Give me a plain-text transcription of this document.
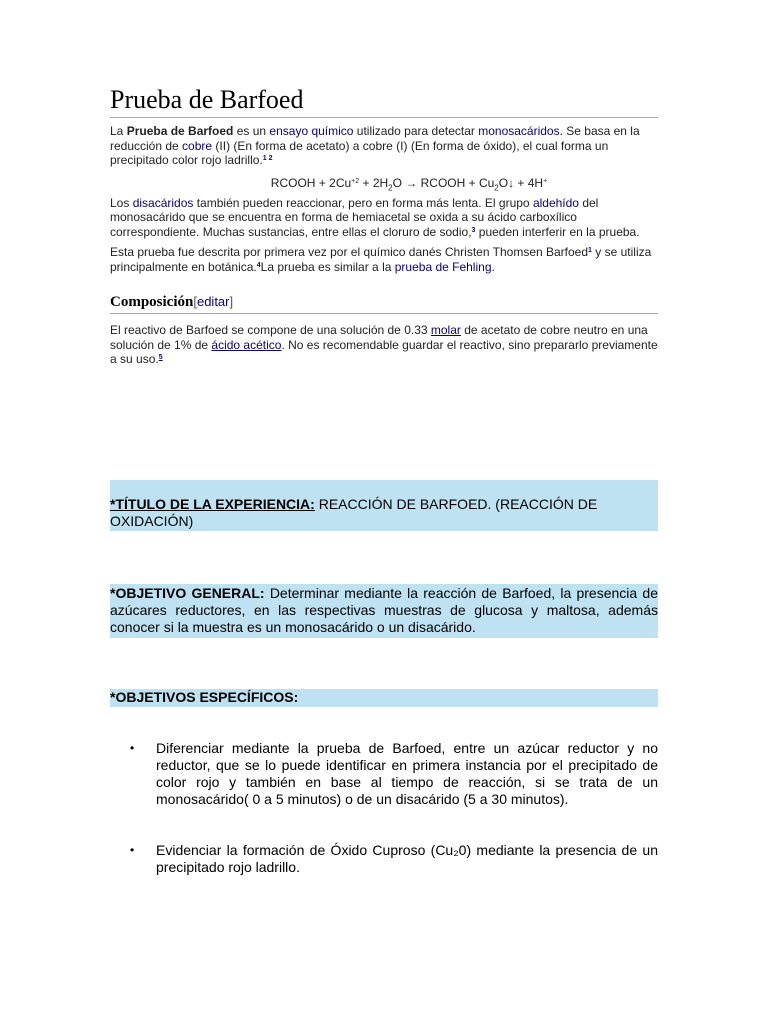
Prueba de Barfoed

La Prueba de Barfoed es un ensayo químico utilizado para detectar monosacáridos. Se basa en la reducción de cobre (II) (En forma de acetato) a cobre (I) (En forma de óxido), el cual forma un precipitado color rojo ladrillo.$^{1 2}$

RCOOH + $2Cu^{+2} + 2H_2O$ → RCOOH + $Cu_2O↓ + 4H^+$

Los disacáridos también pueden reaccionar, pero en forma más lenta. El grupo aldehído del monosacárido que se encuentra en forma de hemiacetal se oxida a su ácido carboxílico correspondiente. Muchas sustancias, entre ellas el cloruro de sodio,$^3$ pueden interferir en la prueba.

Esta prueba fue descrita por primera vez por el químico danés Christen Thomsen Barfoed$^1$ y se utiliza principalmente en botánica.$^4$La prueba es similar a la prueba de Fehling.

Composición[editar]

El reactivo de Barfoed se compone de una solución de 0.33 molar de acetato de cobre neutro en una solución de 1% de ácido acético. No es recomendable guardar el reactivo, sino prepararlo previamente a su uso.$^5$

*TÍTULO DE LA EXPERIENCIA: REACCIÓN DE BARFOED. (REACCIÓN DE OXIDACIÓN)
*OBJETIVO GENERAL: Determinar mediante la reacción de Barfoed, la presencia de azúcares reductores, en las respectivas muestras de glucosa y maltosa, además conocer si la muestra es un monosacárido o un disacárido.
*OBJETIVOS ESPECÍFICOS:
• Diferenciar mediante la prueba de Barfoed, entre un azúcar reductor y no reductor, que se lo puede identificar en primera instancia por el precipitado de color rojo y también en base al tiempo de reacción, si se trata de un monosacárido( 0 a 5 minutos) o de un disacárido (5 a 30 minutos).
• Evidenciar la formación de Óxido Cuproso (Cu₂0) mediante la presencia de un precipitado rojo ladrillo.
